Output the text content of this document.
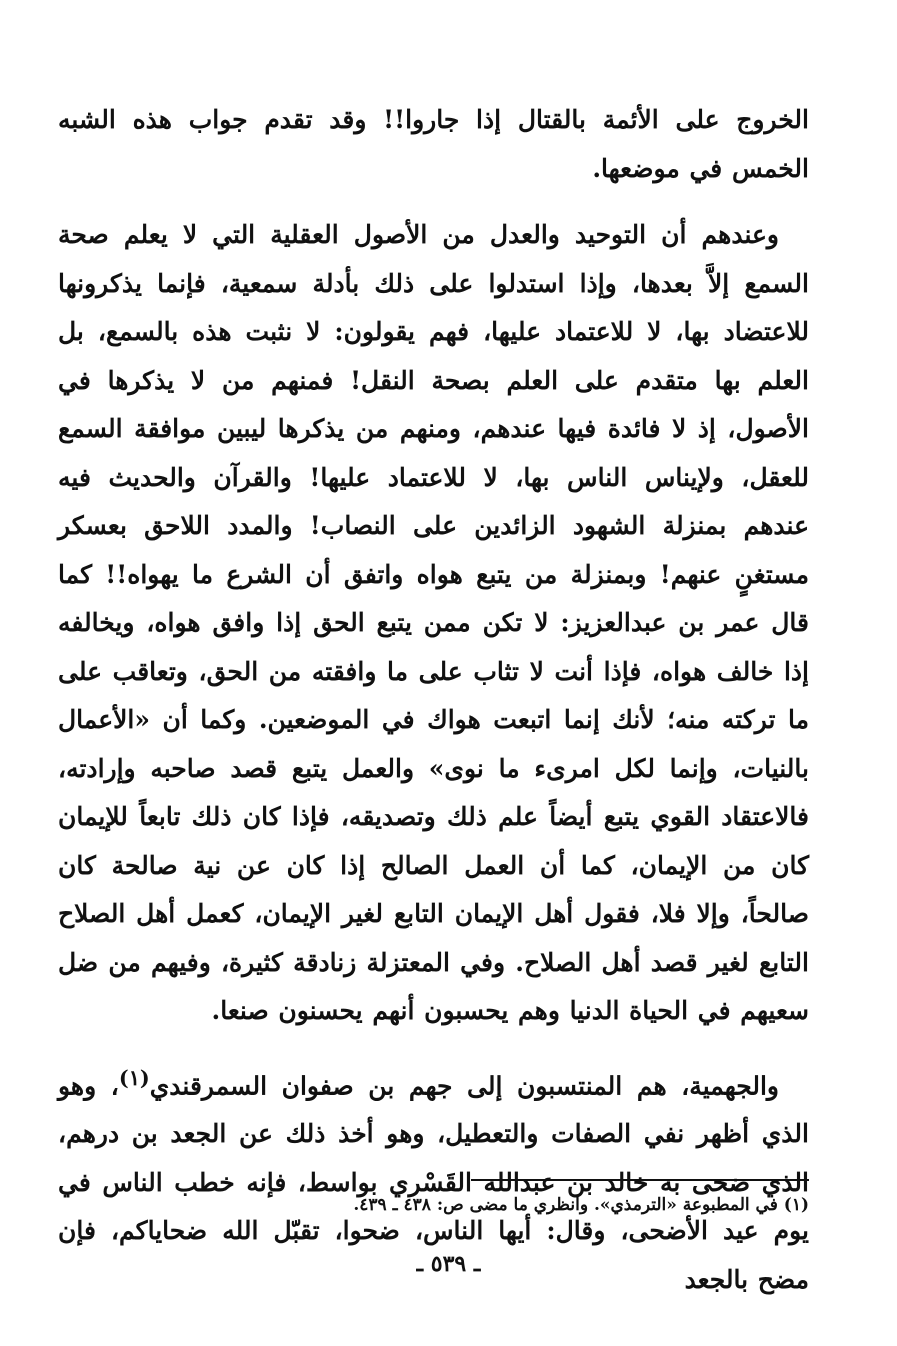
الخروج على الأئمة بالقتال إذا جاروا!! وقد تقدم جواب هذه الشبه الخمس في موضعها.

وعندهم أن التوحيد والعدل من الأصول العقلية التي لا يعلم صحة السمع إلاَّ بعدها، وإذا استدلوا على ذلك بأدلة سمعية، فإنما يذكرونها للاعتضاد بها، لا للاعتماد عليها، فهم يقولون: لا نثبت هذه بالسمع، بل العلم بها متقدم على العلم بصحة النقل! فمنهم من لا يذكرها في الأصول، إذ لا فائدة فيها عندهم، ومنهم من يذكرها ليبين موافقة السمع للعقل، ولإيناس الناس بها، لا للاعتماد عليها! والقرآن والحديث فيه عندهم بمنزلة الشهود الزائدين على النصاب! والمدد اللاحق بعسكر مستغنٍ عنهم! وبمنزلة من يتبع هواه واتفق أن الشرع ما يهواه!! كما قال عمر بن عبدالعزيز: لا تكن ممن يتبع الحق إذا وافق هواه، ويخالفه إذا خالف هواه، فإذا أنت لا تثاب على ما وافقته من الحق، وتعاقب على ما تركته منه؛ لأنك إنما اتبعت هواك في الموضعين. وكما أن «الأعمال بالنيات، وإنما لكل امرىء ما نوى» والعمل يتبع قصد صاحبه وإرادته، فالاعتقاد القوي يتبع أيضاً علم ذلك وتصديقه، فإذا كان ذلك تابعاً للإيمان كان من الإيمان، كما أن العمل الصالح إذا كان عن نية صالحة كان صالحاً، وإلا فلا، فقول أهل الإيمان التابع لغير الإيمان، كعمل أهل الصلاح التابع لغير قصد أهل الصلاح. وفي المعتزلة زنادقة كثيرة، وفيهم من ضل سعيهم في الحياة الدنيا وهم يحسبون أنهم يحسنون صنعا.

والجهمية، هم المنتسبون إلى جهم بن صفوان السمرقندي$^{(١)}$، وهو الذي أظهر نفي الصفات والتعطيل، وهو أخذ ذلك عن الجعد بن درهم، الذي ضحى به خالد بن عبدالله القَسْري بواسط، فإنه خطب الناس في يوم عيد الأضحى، وقال: أيها الناس، ضحوا، تقبّل الله ضحاياكم، فإن مضح بالجعد

(١) في المطبوعة «الترمذي». وانظري ما مضى ص: ٤٣٨ ـ ٤٣٩.

ـ ٥٣٩ ـ
